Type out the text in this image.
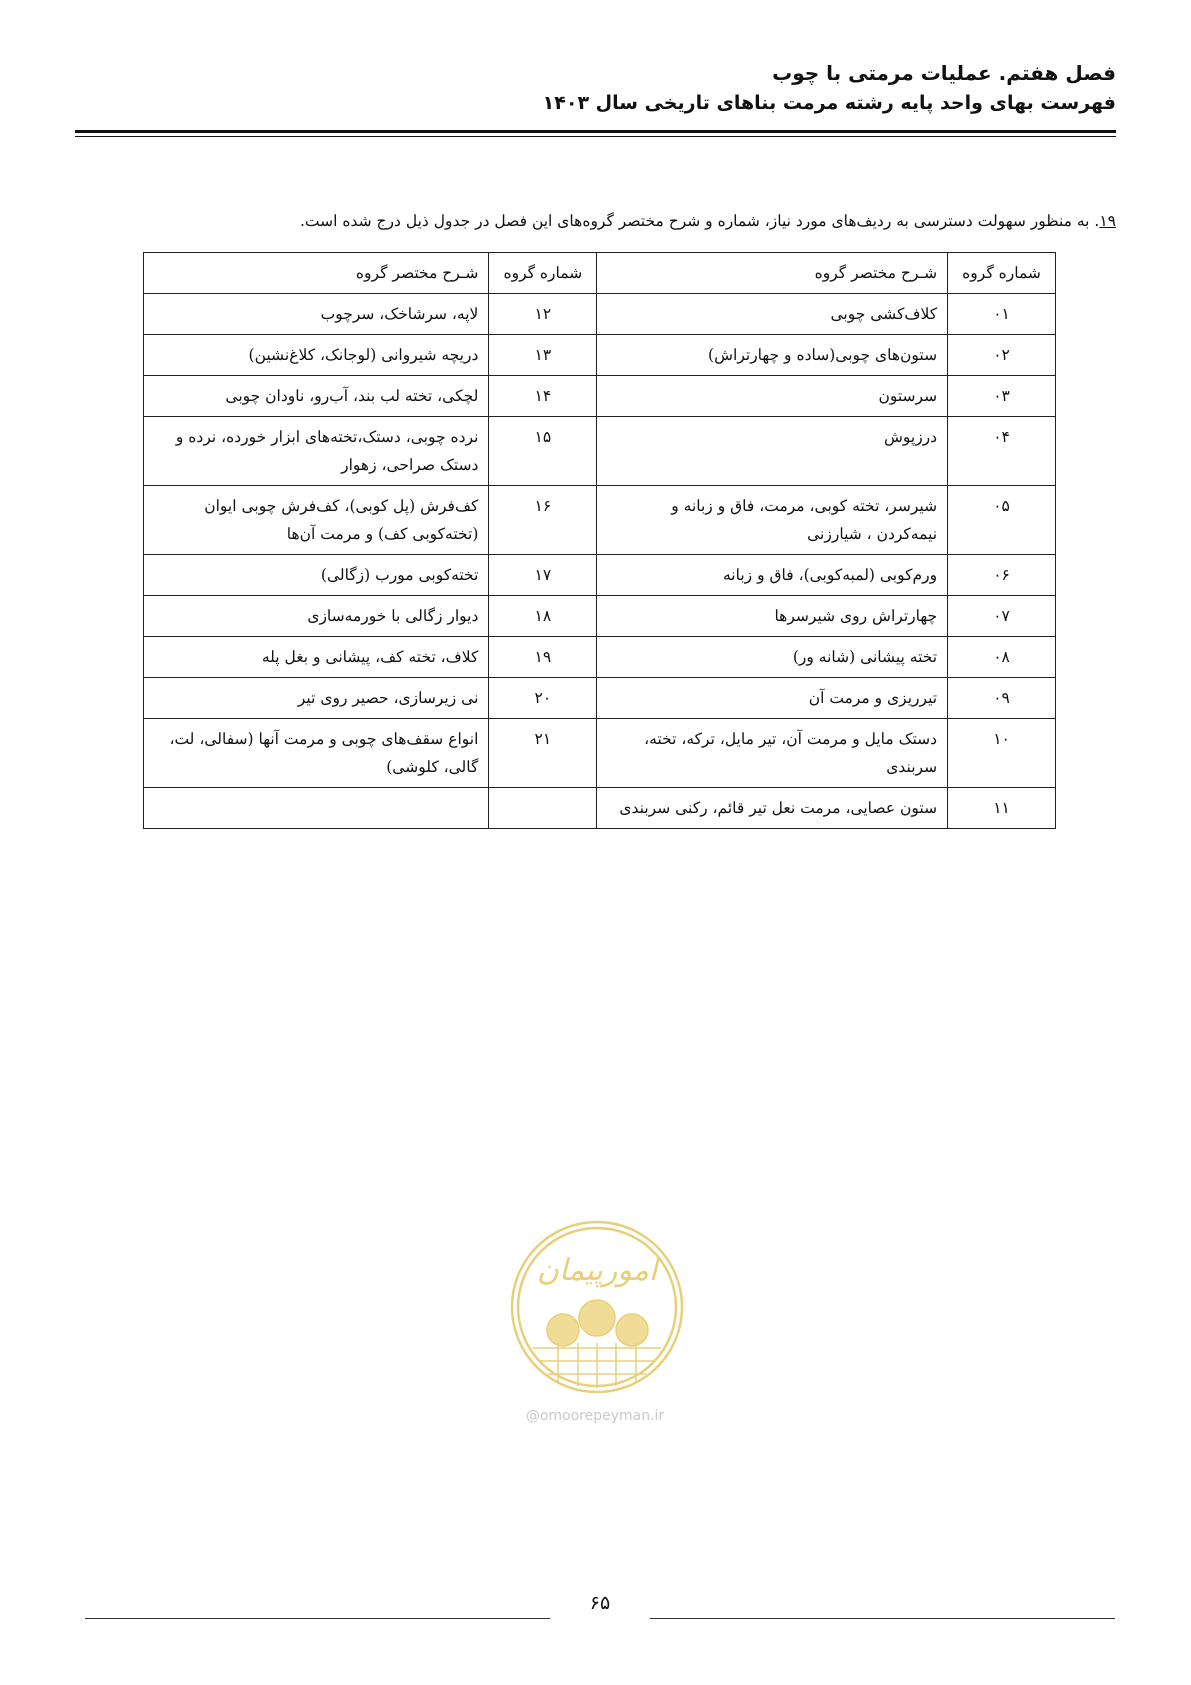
فصل هفتم. عملیات مرمتی با چوب
فهرست بهای واحد پایه رشته مرمت بناهای تاریخی سال ۱۴۰۳
۱۹. به منظور سهولت دسترسی به ردیف‌های مورد نیاز، شماره و شرح مختصر گروه‌های این فصل در جدول ذیل درج شده است.
شماره گروه	شـرح مختصر گروه	شماره گروه	شـرح مختصر گروه
۰۱	کلاف‌کشی چوبی	۱۲	لاپه، سرشاخک، سرچوب
۰۲	ستون‌های چوبی(ساده و چهارتراش)	۱۳	دریچه شیروانی (لوجانک، کلاغ‌نشین)
۰۳	سرستون	۱۴	لچکی، تخته لب بند، آب‌رو، ناودان چوبی
۰۴	درزپوش	۱۵	نرده چوبی، دستک،تخته‌های ابزار خورده، نرده و دستک صراحی، زهوار
۰۵	شیرسر، تخته کوبی، مرمت، فاق و زبانه و نیمه‌کردن ، شیارزنی	۱۶	کف‌فرش (پل کوبی)، کف‌فرش چوبی ایوان (تخته‌کوبی کف) و مرمت آن‌ها
۰۶	ورم‌کوبی (لمبه‌کوبی)، فاق و زبانه	۱۷	تخته‌کوبی مورب (زگالی)
۰۷	چهارتراش روی شیرسرها	۱۸	دیوار زگالی با خورمه‌سازی
۰۸	تخته پیشانی (شانه ور)	۱۹	کلاف، تخته کف، پیشانی و بغل پله
۰۹	تیرریزی و مرمت آن	۲۰	نی زیرسازی، حصیر روی تیر
۱۰	دستک مایل و مرمت آن، تیر مایل، ترکه، تخته، سربندی	۲۱	انواع سقف‌های چوبی و مرمت آنها (سفالی، لت، گالی، کلوشی)
۱۱	ستون عصایی، مرمت نعل تیر قائم، رکنی سربندی		
امورپیمان
@omoorepeyman.ir
۶۵
